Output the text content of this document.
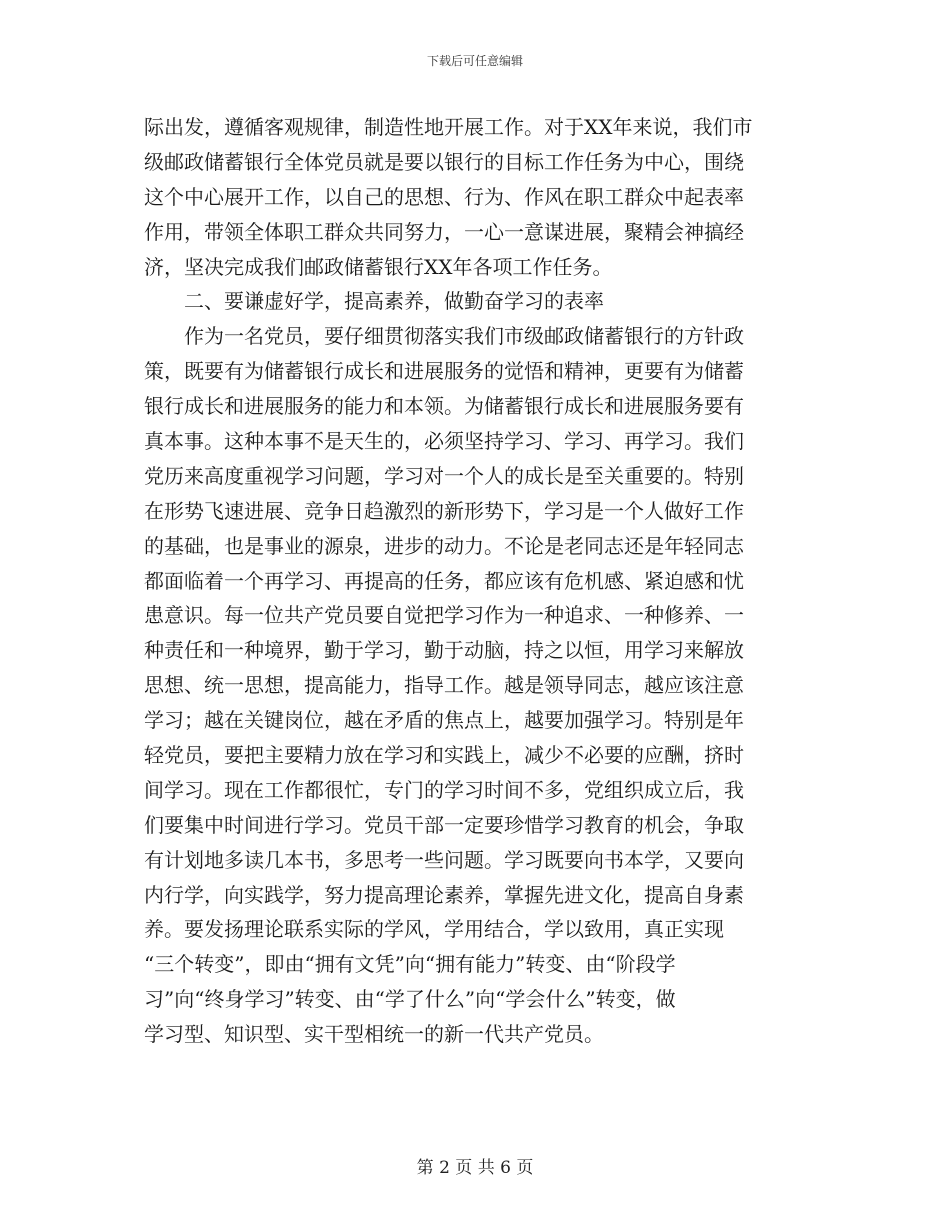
下载后可任意编辑
际出发，遵循客观规律，制造性地开展工作。对于XX年来说，我们市
级邮政储蓄银行全体党员就是要以银行的目标工作任务为中心，围绕
这个中心展开工作，以自己的思想、行为、作风在职工群众中起表率
作用，带领全体职工群众共同努力，一心一意谋进展，聚精会神搞经
济，坚决完成我们邮政储蓄银行XX年各项工作任务。
　　二、要谦虚好学，提高素养，做勤奋学习的表率
　　作为一名党员，要仔细贯彻落实我们市级邮政储蓄银行的方针政
策，既要有为储蓄银行成长和进展服务的觉悟和精神，更要有为储蓄
银行成长和进展服务的能力和本领。为储蓄银行成长和进展服务要有
真本事。这种本事不是天生的，必须坚持学习、学习、再学习。我们
党历来高度重视学习问题，学习对一个人的成长是至关重要的。特别
在形势飞速进展、竞争日趋激烈的新形势下，学习是一个人做好工作
的基础，也是事业的源泉，进步的动力。不论是老同志还是年轻同志
都面临着一个再学习、再提高的任务，都应该有危机感、紧迫感和忧
患意识。每一位共产党员要自觉把学习作为一种追求、一种修养、一
种责任和一种境界，勤于学习，勤于动脑，持之以恒，用学习来解放
思想、统一思想，提高能力，指导工作。越是领导同志，越应该注意
学习；越在关键岗位，越在矛盾的焦点上，越要加强学习。特别是年
轻党员，要把主要精力放在学习和实践上，减少不必要的应酬，挤时
间学习。现在工作都很忙，专门的学习时间不多，党组织成立后，我
们要集中时间进行学习。党员干部一定要珍惜学习教育的机会，争取
有计划地多读几本书，多思考一些问题。学习既要向书本学，又要向
内行学，向实践学，努力提高理论素养，掌握先进文化，提高自身素
养。要发扬理论联系实际的学风，学用结合，学以致用，真正实现
“三个转变”，即由“拥有文凭”向“拥有能力”转变、由“阶段学
习”向“终身学习”转变、由“学了什么”向“学会什么”转变，做
学习型、知识型、实干型相统一的新一代共产党员。
第 2 页 共 6 页
